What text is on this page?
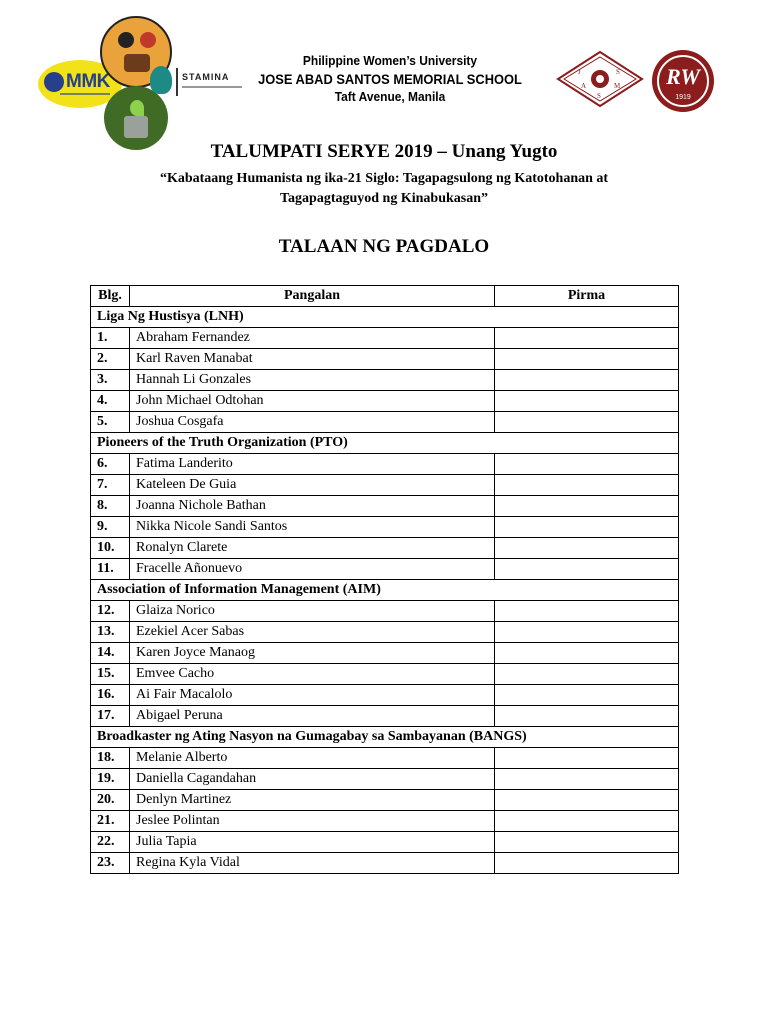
MMK	STAMINA
Philippine Women’s University
JOSE ABAD SANTOS MEMORIAL SCHOOL
Taft Avenue, Manila
J
A
S
M
S
RW
1919
TALUMPATI SERYE 2019 – Unang Yugto
“Kabataang Humanista ng ika-21 Siglo: Tagapagsulong ng Katotohanan at
Tagapagtaguyod ng Kinabukasan”
TALAAN NG PAGDALO
Blg.	Pangalan	Pirma
Liga Ng Hustisya (LNH)		
1.	Abraham Fernandez	
2.	Karl Raven Manabat	
3.	Hannah Li Gonzales	
4.	John Michael Odtohan	
5.	Joshua Cosgafa	
Pioneers of the Truth Organization (PTO)		
6.	Fatima Landerito	
7.	Kateleen De Guia	
8.	Joanna Nichole Bathan	
9.	Nikka Nicole Sandi Santos	
10.	Ronalyn Clarete	
11.	Fracelle Añonuevo	
Association of Information Management (AIM)		
12.	Glaiza Norico	
13.	Ezekiel Acer Sabas	
14.	Karen Joyce Manaog	
15.	Emvee Cacho	
16.	Ai Fair Macalolo	
17.	Abigael Peruna	
Broadkaster ng Ating Nasyon na Gumagabay sa Sambayanan (BANGS)		
18.	Melanie Alberto	
19.	Daniella Cagandahan	
20.	Denlyn Martinez	
21.	Jeslee Polintan	
22.	Julia Tapia	
23.	Regina Kyla Vidal	
